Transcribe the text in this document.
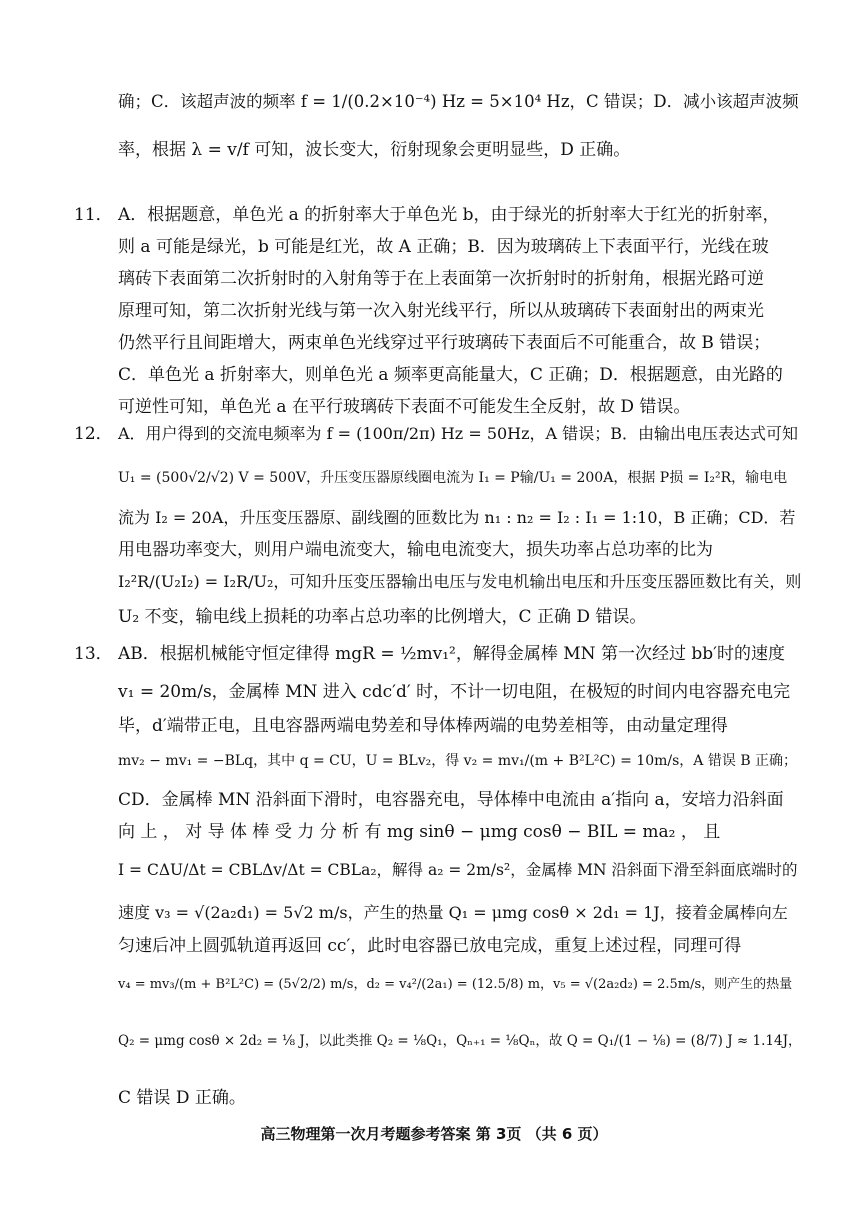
11．
12．
13．
确；C．该超声波的频率 f = 1/(0.2×10⁻⁴) Hz = 5×10⁴ Hz，C 错误；D．减小该超声波频
率，根据 λ = v/f 可知，波长变大，衍射现象会更明显些，D 正确。
A．根据题意，单色光 a 的折射率大于单色光 b，由于绿光的折射率大于红光的折射率，
则 a 可能是绿光，b 可能是红光，故 A 正确；B．因为玻璃砖上下表面平行，光线在玻
璃砖下表面第二次折射时的入射角等于在上表面第一次折射时的折射角，根据光路可逆
原理可知，第二次折射光线与第一次入射光线平行，所以从玻璃砖下表面射出的两束光
仍然平行且间距增大，两束单色光线穿过平行玻璃砖下表面后不可能重合，故 B 错误；
C．单色光 a 折射率大，则单色光 a 频率更高能量大，C 正确；D．根据题意，由光路的
可逆性可知，单色光 a 在平行玻璃砖下表面不可能发生全反射，故 D 错误。
A．用户得到的交流电频率为 f = (100π/2π) Hz = 50Hz，A 错误；B．由输出电压表达式可知
U₁ = (500√2/√2) V = 500V，升压变压器原线圈电流为 I₁ = P输/U₁ = 200A，根据 P损 = I₂²R，输电电
流为 I₂ = 20A，升压变压器原、副线圈的匝数比为 n₁ : n₂ = I₂ : I₁ = 1:10，B 正确；CD．若
用电器功率变大，则用户端电流变大，输电电流变大，损失功率占总功率的比为
I₂²R/(U₂I₂) = I₂R/U₂，可知升压变压器输出电压与发电机输出电压和升压变压器匝数比有关，则
U₂ 不变，输电线上损耗的功率占总功率的比例增大，C 正确 D 错误。
AB．根据机械能守恒定律得 mgR = ½mv₁²，解得金属棒 MN 第一次经过 bb′时的速度
v₁ = 20m/s，金属棒 MN 进入 cdc′d′ 时，不计一切电阻，在极短的时间内电容器充电完
毕，d′端带正电，且电容器两端电势差和导体棒两端的电势差相等，由动量定理得
mv₂ − mv₁ = −BLq，其中 q = CU，U = BLv₂，得 v₂ = mv₁/(m + B²L²C) = 10m/s，A 错误 B 正确；
CD．金属棒 MN 沿斜面下滑时，电容器充电，导体棒中电流由 a′指向 a，安培力沿斜面
向 上 ， 对 导 体 棒 受 力 分 析 有 mg sinθ − μmg cosθ − BIL = ma₂ ， 且
I = CΔU/Δt = CBLΔv/Δt = CBLa₂，解得 a₂ = 2m/s²，金属棒 MN 沿斜面下滑至斜面底端时的
速度 v₃ = √(2a₂d₁) = 5√2 m/s，产生的热量 Q₁ = μmg cosθ × 2d₁ = 1J，接着金属棒向左
匀速后冲上圆弧轨道再返回 cc′，此时电容器已放电完成，重复上述过程，同理可得
v₄ = mv₃/(m + B²L²C) = (5√2/2) m/s，d₂ = v₄²/(2a₁) = (12.5/8) m，v₅ = √(2a₂d₂) = 2.5m/s，则产生的热量
Q₂ = μmg cosθ × 2d₂ = ⅛ J，以此类推 Q₂ = ⅛Q₁，Qₙ₊₁ = ⅛Qₙ，故 Q = Q₁/(1 − ⅛) = (8/7) J ≈ 1.14J，
C 错误 D 正确。
高三物理第一次月考题参考答案 第 3页 （共 6 页）
